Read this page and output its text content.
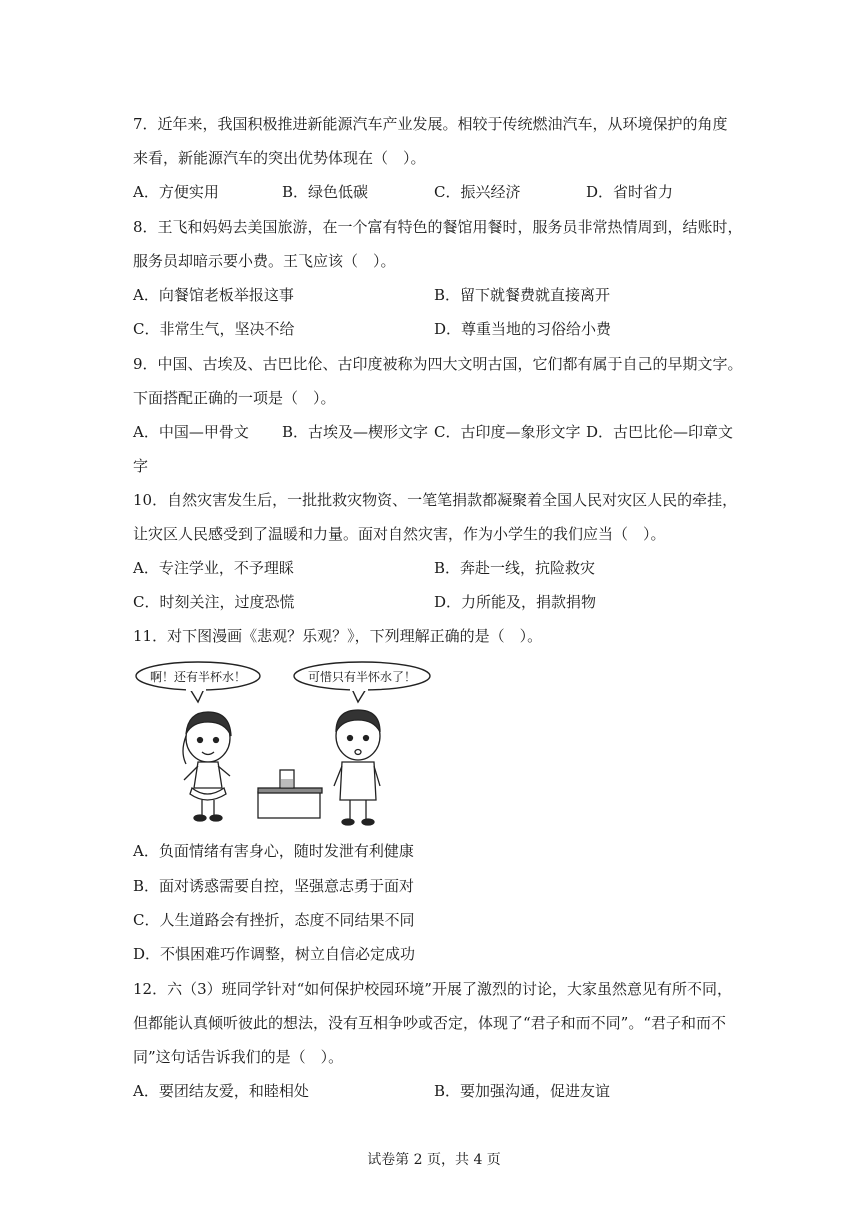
7．近年来，我国积极推进新能源汽车产业发展。相较于传统燃油汽车，从环境保护的角度
来看，新能源汽车的突出优势体现在（　）。
A．方便实用	B．绿色低碳	C．振兴经济	D．省时省力
8．王飞和妈妈去美国旅游，在一个富有特色的餐馆用餐时，服务员非常热情周到，结账时，
服务员却暗示要小费。王飞应该（　）。
A．向餐馆老板举报这事	B．留下就餐费就直接离开
C．非常生气，坚决不给	D．尊重当地的习俗给小费
9．中国、古埃及、古巴比伦、古印度被称为四大文明古国，它们都有属于自己的早期文字。
下面搭配正确的一项是（　）。
A．中国—甲骨文 B．古埃及—楔形文字 C．古印度—象形文字 D．古巴比伦—印章文
字
10．自然灾害发生后，一批批救灾物资、一笔笔捐款都凝聚着全国人民对灾区人民的牵挂，
让灾区人民感受到了温暖和力量。面对自然灾害，作为小学生的我们应当（　）。
A．专注学业，不予理睬	B．奔赴一线，抗险救灾
C．时刻关注，过度恐慌	D．力所能及，捐款捐物
11．对下图漫画《悲观？乐观？》，下列理解正确的是（　）。
啊！还有半杯水！	可惜只有半怀水了！
A．负面情绪有害身心，随时发泄有利健康
B．面对诱惑需要自控，坚强意志勇于面对
C．人生道路会有挫折，态度不同结果不同
D．不惧困难巧作调整，树立自信必定成功
12．六（3）班同学针对“如何保护校园环境”开展了激烈的讨论，大家虽然意见有所不同，
但都能认真倾听彼此的想法，没有互相争吵或否定，体现了“君子和而不同”。“君子和而不
同”这句话告诉我们的是（　）。
A．要团结友爱，和睦相处	B．要加强沟通，促进友谊
试卷第 2 页，共 4 页
